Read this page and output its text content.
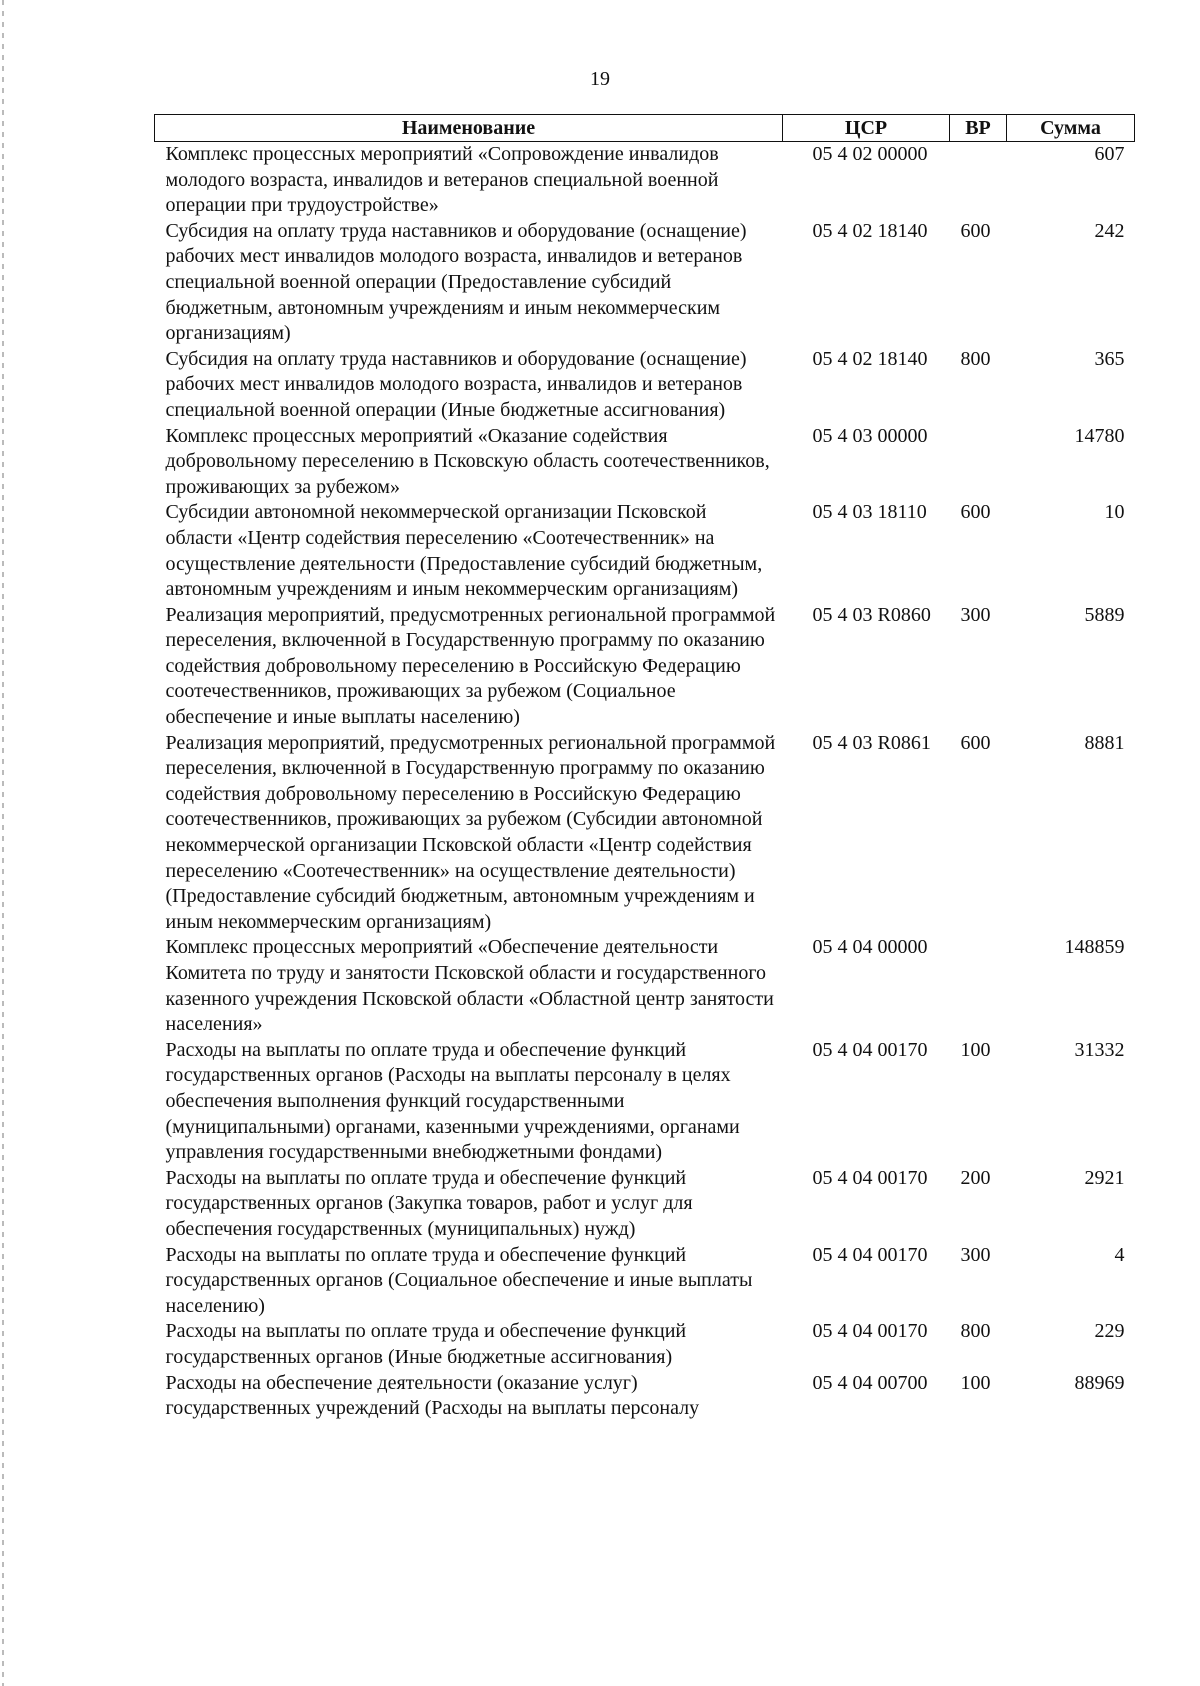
19
Наименование	ЦСР	ВР	Сумма
Комплекс процессных мероприятий «Сопровождение инвалидов молодого возраста, инвалидов и ветеранов специальной военной операции при трудоустройстве»	05 4 02 00000		607
Субсидия на оплату труда наставников и оборудование (оснащение) рабочих мест инвалидов молодого возраста, инвалидов и ветеранов специальной военной операции (Предоставление субсидий бюджетным, автономным учреждениям и иным некоммерческим организациям)	05 4 02 18140	600	242
Субсидия на оплату труда наставников и оборудование (оснащение) рабочих мест инвалидов молодого возраста, инвалидов и ветеранов специальной военной операции (Иные бюджетные ассигнования)	05 4 02 18140	800	365
Комплекс процессных мероприятий «Оказание содействия добровольному переселению в Псковскую область соотечественников, проживающих за рубежом»	05 4 03 00000		14780
Субсидии автономной некоммерческой организации Псковской области «Центр содействия переселению «Соотечественник» на осуществление деятельности (Предоставление субсидий бюджетным, автономным учреждениям и иным некоммерческим организациям)	05 4 03 18110	600	10
Реализация мероприятий, предусмотренных региональной программой переселения, включенной в Государственную программу по оказанию содействия добровольному переселению в Российскую Федерацию соотечественников, проживающих за рубежом (Социальное обеспечение и иные выплаты населению)	05 4 03 R0860	300	5889
Реализация мероприятий, предусмотренных региональной программой переселения, включенной в Государственную программу по оказанию содействия добровольному переселению в Российскую Федерацию соотечественников, проживающих за рубежом (Субсидии автономной некоммерческой организации Псковской области «Центр содействия переселению «Соотечественник» на осуществление деятельности) (Предоставление субсидий бюджетным, автономным учреждениям и иным некоммерческим организациям)	05 4 03 R0861	600	8881
Комплекс процессных мероприятий «Обеспечение деятельности Комитета по труду и занятости Псковской области и государственного казенного учреждения Псковской области «Областной центр занятости населения»	05 4 04 00000		148859
Расходы на выплаты по оплате труда и обеспечение функций государственных органов (Расходы на выплаты персоналу в целях обеспечения выполнения функций государственными (муниципальными) органами, казенными учреждениями, органами управления государственными внебюджетными фондами)	05 4 04 00170	100	31332
Расходы на выплаты по оплате труда и обеспечение функций государственных органов (Закупка товаров, работ и услуг для обеспечения государственных (муниципальных) нужд)	05 4 04 00170	200	2921
Расходы на выплаты по оплате труда и обеспечение функций государственных органов (Социальное обеспечение и иные выплаты населению)	05 4 04 00170	300	4
Расходы на выплаты по оплате труда и обеспечение функций государственных органов (Иные бюджетные ассигнования)	05 4 04 00170	800	229
Расходы на обеспечение деятельности (оказание услуг) государственных учреждений (Расходы на выплаты персоналу	05 4 04 00700	100	88969
